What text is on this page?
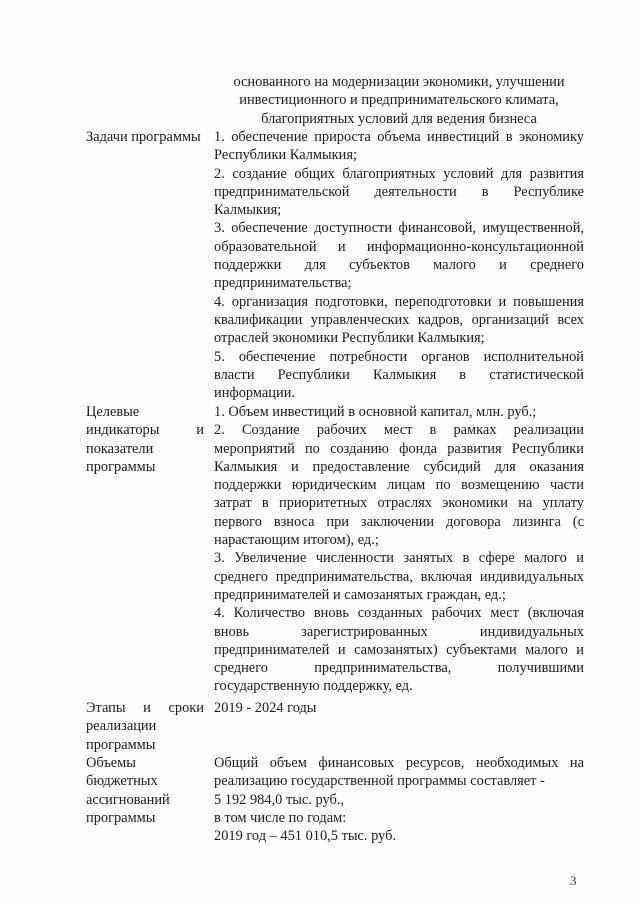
основанного на модернизации экономики, улучшении инвестиционного и предпринимательского климата, благоприятных условий для ведения бизнеса

Задачи программы 1. обеспечение прироста объема инвестиций в экономику Республики Калмыкия;

2. создание общих благоприятных условий для развития предпринимательской деятельности в Республике Калмыкия;

3. обеспечение доступности финансовой, имущественной, образовательной и информационно-консультационной поддержки для субъектов малого и среднего предпринимательства;

4. организация подготовки, переподготовки и повышения квалификации управленческих кадров, организаций всех отраслей экономики Республики Калмыкия;

5. обеспечение потребности органов исполнительной власти Республики Калмыкия в статистической информации.

Целевые индикаторы и показатели программы

1. Объем инвестиций в основной капитал, млн. руб.;

2. Создание рабочих мест в рамках реализации мероприятий по созданию фонда развития Республики Калмыкия и предоставление субсидий для оказания поддержки юридическим лицам по возмещению части затрат в приоритетных отраслях экономики на уплату первого взноса при заключении договора лизинга (с нарастающим итогом), ед.;

3. Увеличение численности занятых в сфере малого и среднего предпринимательства, включая индивидуальных предпринимателей и самозанятых граждан, ед.;

4. Количество вновь созданных рабочих мест (включая вновь зарегистрированных индивидуальных предпринимателей и самозанятых) субъектами малого и среднего предпринимательства, получившими государственную поддержку, ед.

Этапы и сроки реализации программы

2019 - 2024 годы

Объемы бюджетных ассигнований программы

Общий объем финансовых ресурсов, необходимых на реализацию государственной программы составляет -

5 192 984,0 тыс. руб.,

в том числе по годам:

2019 год – 451 010,5 тыс. руб.

3
